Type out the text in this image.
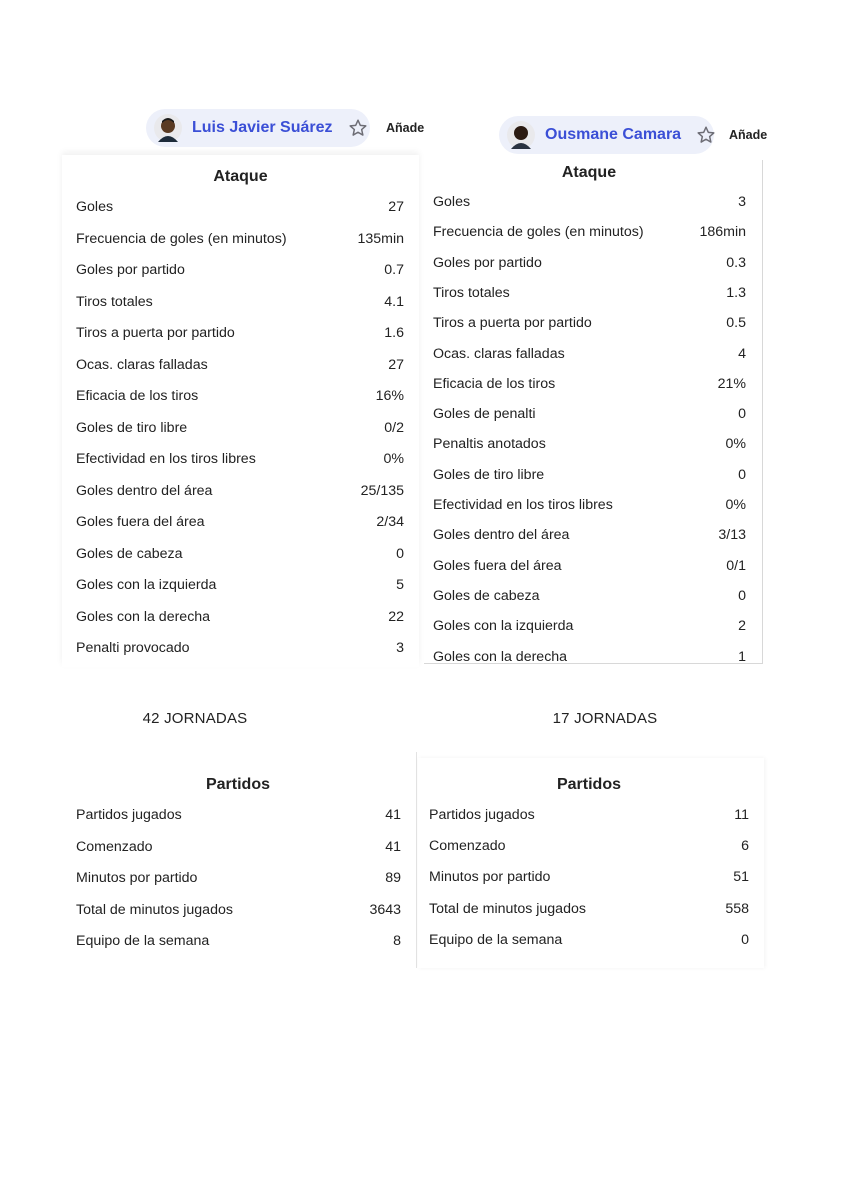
Luis Javier Suárez	Añade	Ousmane Camara	Añade
Ataque
Goles	27
Frecuencia de goles (en minutos)	135min
Goles por partido	0.7
Tiros totales	4.1
Tiros a puerta por partido	1.6
Ocas. claras falladas	27
Eficacia de los tiros	16%
Goles de tiro libre	0/2
Efectividad en los tiros libres	0%
Goles dentro del área	25/135
Goles fuera del área	2/34
Goles de cabeza	0
Goles con la izquierda	5
Goles con la derecha	22
Penalti provocado	3
Ataque
Goles	3
Frecuencia de goles (en minutos)	186min
Goles por partido	0.3
Tiros totales	1.3
Tiros a puerta por partido	0.5
Ocas. claras falladas	4
Eficacia de los tiros	21%
Goles de penalti	0
Penaltis anotados	0%
Goles de tiro libre	0
Efectividad en los tiros libres	0%
Goles dentro del área	3/13
Goles fuera del área	0/1
Goles de cabeza	0
Goles con la izquierda	2
Goles con la derecha	1
42 JORNADAS	17 JORNADAS
Partidos
Partidos jugados	41
Comenzado	41
Minutos por partido	89
Total de minutos jugados	3643
Equipo de la semana	8
Partidos
Partidos jugados	11
Comenzado	6
Minutos por partido	51
Total de minutos jugados	558
Equipo de la semana	0
